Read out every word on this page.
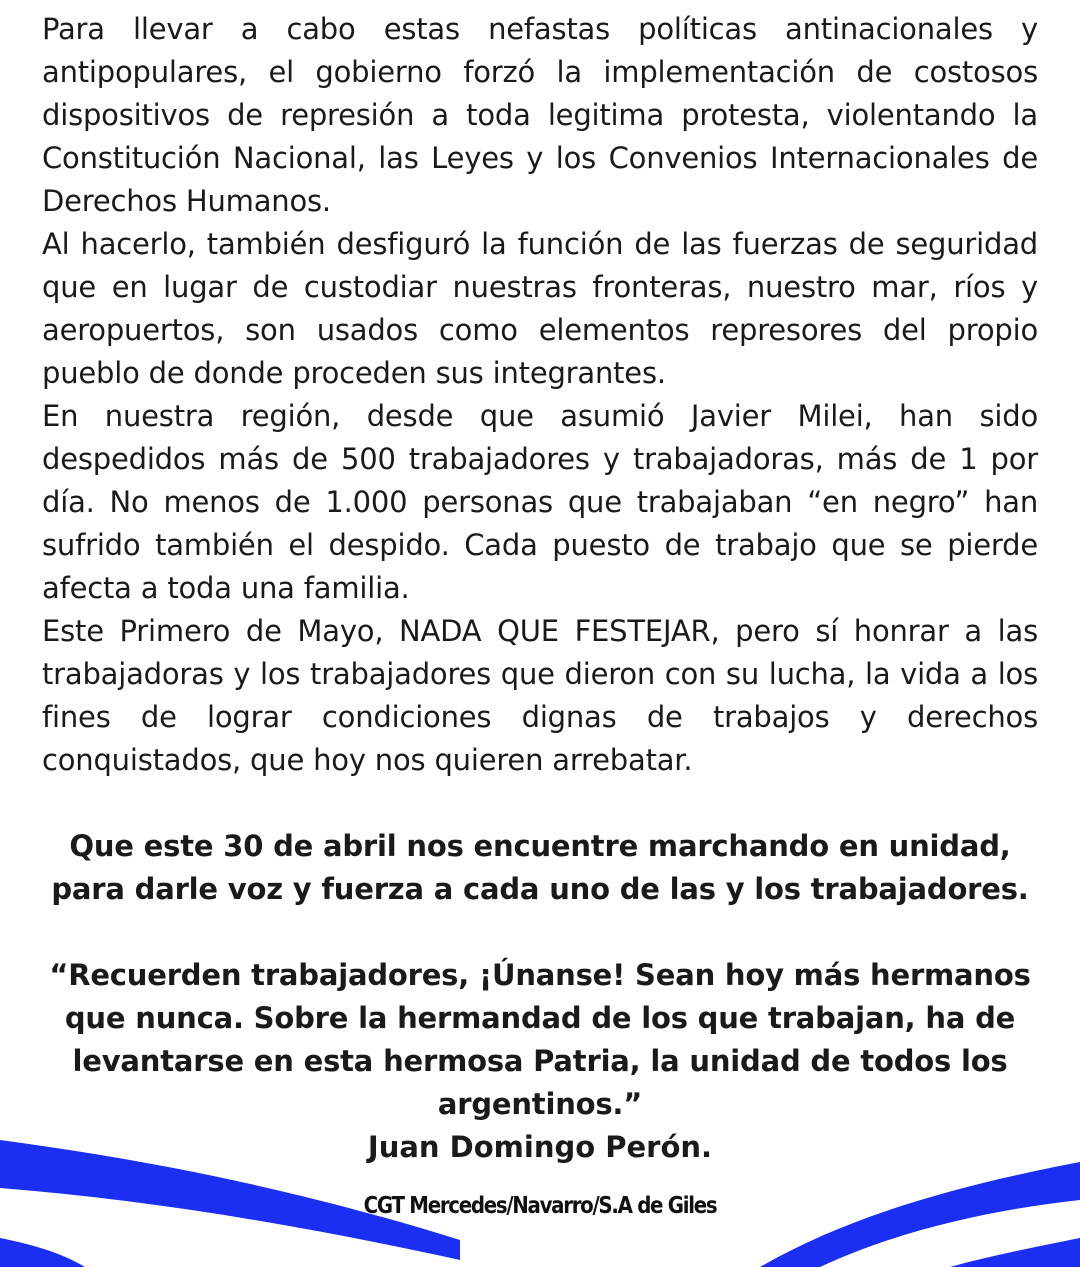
Para llevar a cabo estas nefastas políticas antinacionales y antipopulares, el gobierno forzó la implementación de costosos dispositivos de represión a toda legitima protesta, violentando la Constitución Nacional, las Leyes y los Convenios Internacionales de Derechos Humanos.

Al hacerlo, también desfiguró la función de las fuerzas de seguridad que en lugar de custodiar nuestras fronteras, nuestro mar, ríos y aeropuertos, son usados como elementos represores del propio pueblo de donde proceden sus integrantes.

En nuestra región, desde que asumió Javier Milei, han sido despedidos más de 500 trabajadores y trabajadoras, más de 1 por día. No menos de 1.000 personas que trabajaban “en negro” han sufrido también el despido. Cada puesto de trabajo que se pierde afecta a toda una familia.

Este Primero de Mayo, NADA QUE FESTEJAR, pero sí honrar a las trabajadoras y los trabajadores que dieron con su lucha, la vida a los fines de lograr condiciones dignas de trabajos y derechos conquistados, que hoy nos quieren arrebatar.

Que este 30 de abril nos encuentre marchando en unidad, para darle voz y fuerza a cada uno de las y los trabajadores.

“Recuerden trabajadores, ¡Únanse! Sean hoy más hermanos que nunca. Sobre la hermandad de los que trabajan, ha de levantarse en esta hermosa Patria, la unidad de todos los argentinos.”

Juan Domingo Perón.

CGT Mercedes/Navarro/S.A de Giles
